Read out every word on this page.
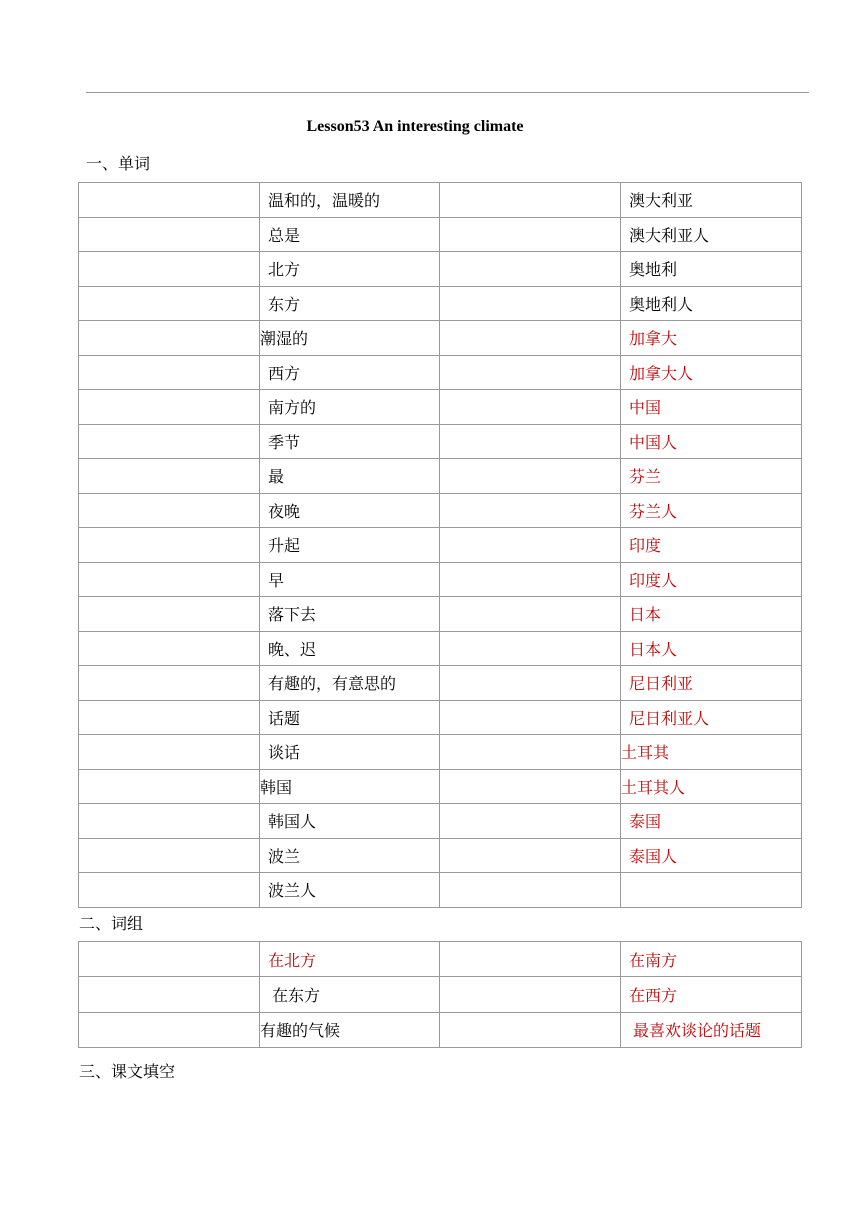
Lesson53 An interesting climate
一、单词
	温和的，温暖的		澳大利亚
	总是		澳大利亚人
	北方		奥地利
	东方		奥地利人
	潮湿的		加拿大
	西方		加拿大人
	南方的		中国
	季节		中国人
	最		芬兰
	夜晚		芬兰人
	升起		印度
	早		印度人
	落下去		日本
	晚、迟		日本人
	有趣的，有意思的		尼日利亚
	话题		尼日利亚人
	谈话		土耳其
	韩国		土耳其人
	韩国人		泰国
	波兰		泰国人
	波兰人		
二、词组
	在北方		在南方
	在东方		在西方
	有趣的气候		最喜欢谈论的话题
三、课文填空
